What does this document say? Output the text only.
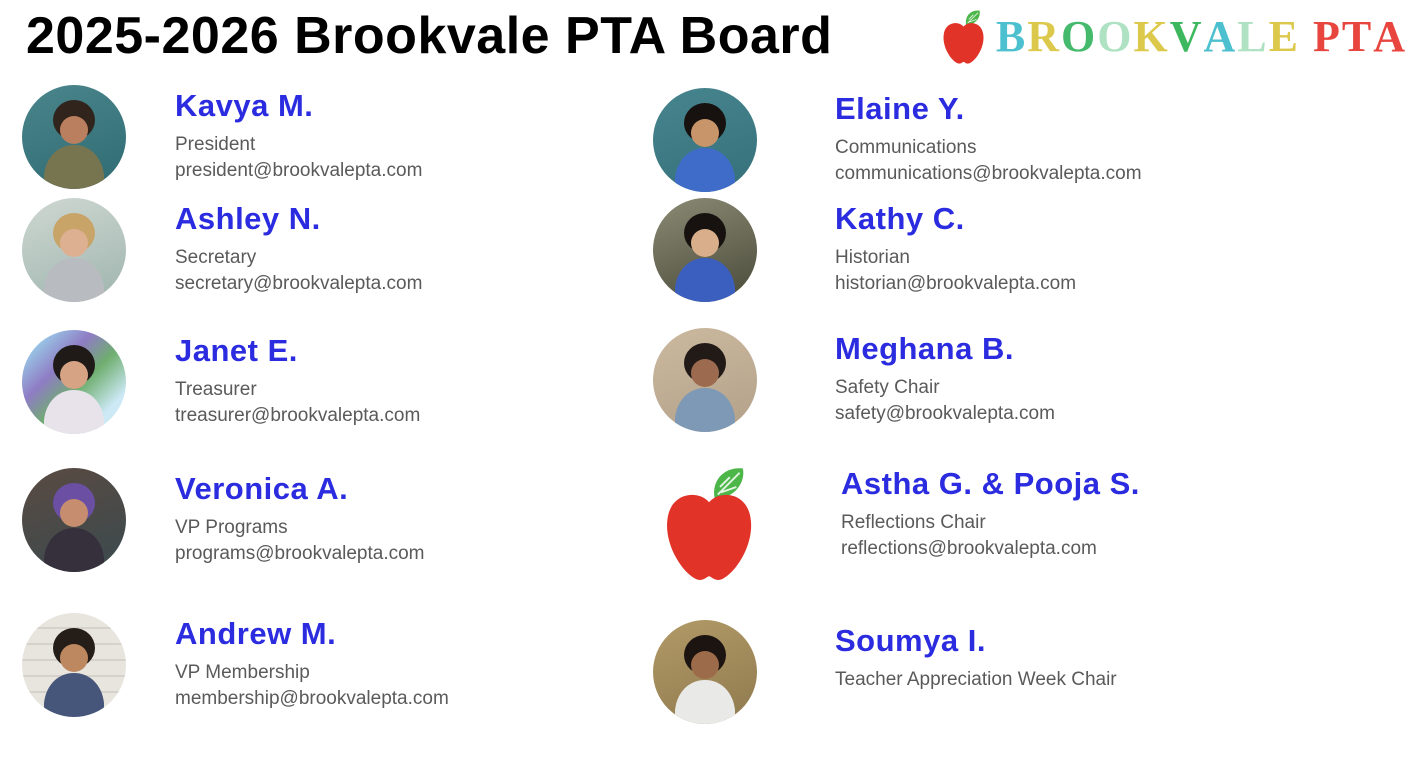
2025-2026 Brookvale PTA Board	B R O O K V A L E
P T A
Kavya M.
President
president@brookvalepta.com
Ashley N.
Secretary
secretary@brookvalepta.com
Janet E.
Treasurer
treasurer@brookvalepta.com
Veronica A.
VP Programs
programs@brookvalepta.com
Andrew M.
VP Membership
membership@brookvalepta.com
Elaine Y.
Communications
communications@brookvalepta.com
Kathy C.
Historian
historian@brookvalepta.com
Meghana B.
Safety Chair
safety@brookvalepta.com
Astha G. & Pooja S.
Reflections Chair
reflections@brookvalepta.com
Soumya I.
Teacher Appreciation Week Chair
